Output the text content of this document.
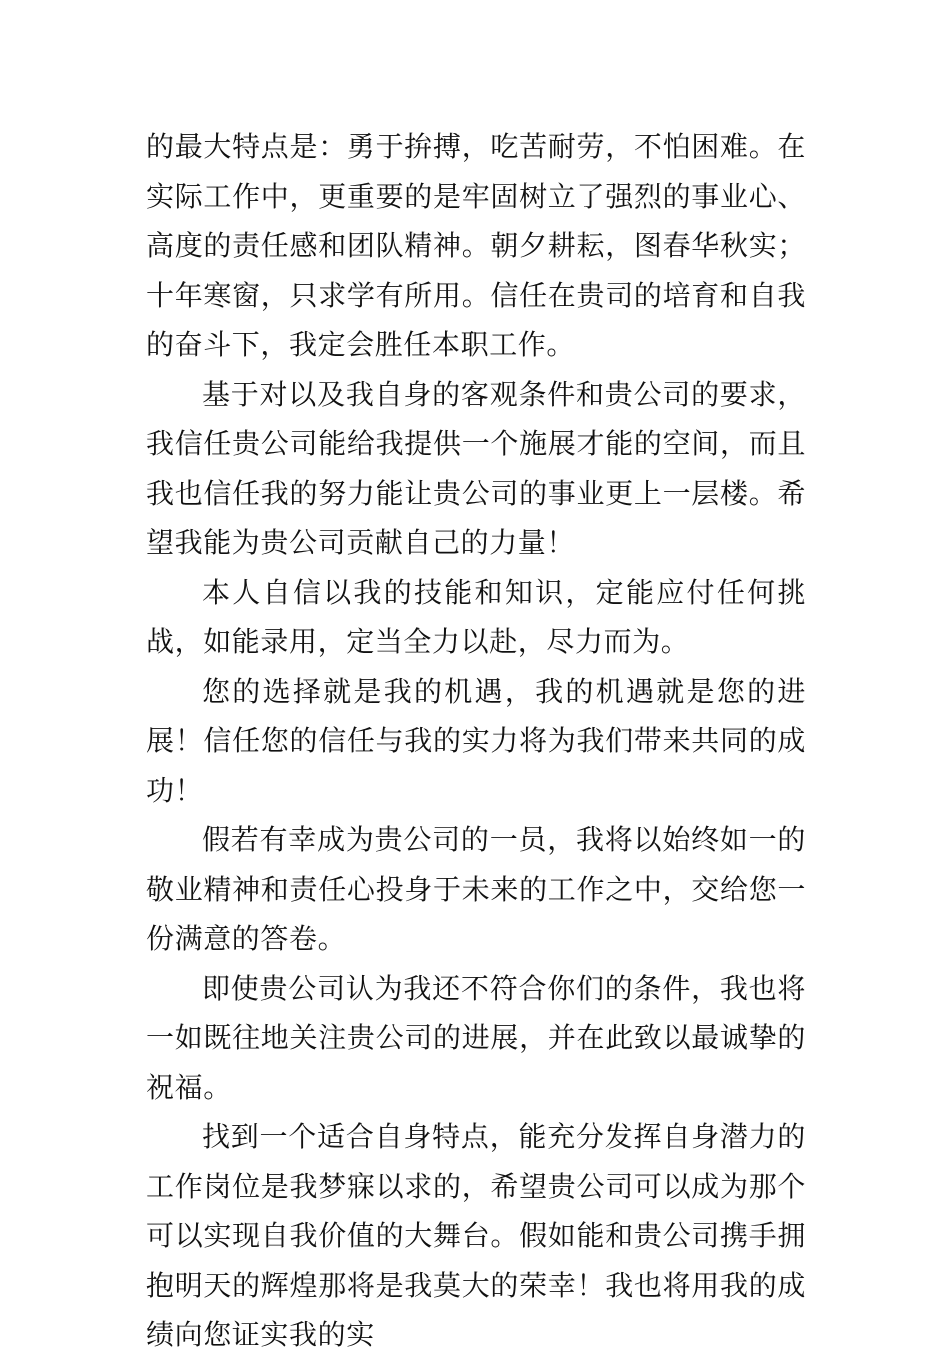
的最大特点是：勇于拚搏，吃苦耐劳，不怕困难。在实际工作中，更重要的是牢固树立了强烈的事业心、高度的责任感和团队精神。朝夕耕耘，图春华秋实；十年寒窗，只求学有所用。信任在贵司的培育和自我的奋斗下，我定会胜任本职工作。

基于对以及我自身的客观条件和贵公司的要求，我信任贵公司能给我提供一个施展才能的空间，而且我也信任我的努力能让贵公司的事业更上一层楼。希望我能为贵公司贡献自己的力量！

本人自信以我的技能和知识，定能应付任何挑战，如能录用，定当全力以赴，尽力而为。

您的选择就是我的机遇，我的机遇就是您的进展！信任您的信任与我的实力将为我们带来共同的成功！

假若有幸成为贵公司的一员，我将以始终如一的敬业精神和责任心投身于未来的工作之中，交给您一份满意的答卷。

即使贵公司认为我还不符合你们的条件，我也将一如既往地关注贵公司的进展，并在此致以最诚挚的祝福。

找到一个适合自身特点，能充分发挥自身潜力的工作岗位是我梦寐以求的，希望贵公司可以成为那个可以实现自我价值的大舞台。假如能和贵公司携手拥抱明天的辉煌那将是我莫大的荣幸！我也将用我的成绩向您证实我的实
